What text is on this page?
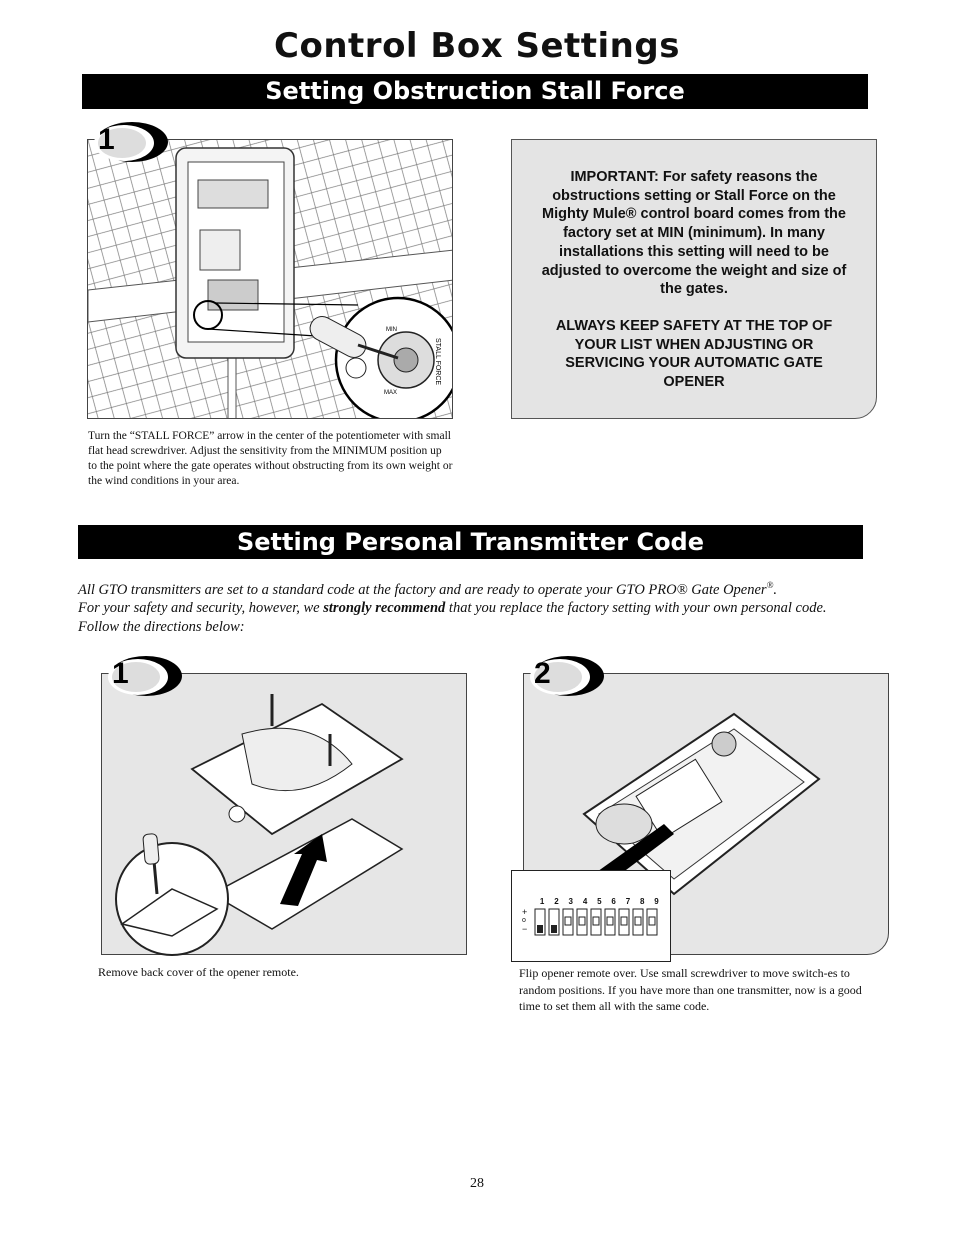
Control Box Settings
Setting Obstruction Stall Force
MIN
MAX
STALL FORCE
1
Turn the “STALL FORCE” arrow in the center of the potentiometer with small flat head screwdriver. Adjust the sensitivity from the MINIMUM position up to the point where the gate operates without obstructing from its own weight or the wind conditions in your area.

IMPORTANT: For safety reasons the obstructions setting or Stall Force on the Mighty Mule® control board comes from the factory set at MIN (minimum). In many installations this setting will need to be adjusted to overcome the weight and size of the gates.

ALWAYS KEEP SAFETY AT THE TOP OF YOUR LIST WHEN ADJUSTING OR SERVICING YOUR AUTOMATIC GATE OPENER

Setting Personal Transmitter Code
All GTO transmitters are set to a standard code at the factory and are ready to operate your GTO PRO® Gate Opener®.
For your safety and security, however, we strongly recommend that you replace the factory setting with your own personal code.
Follow the directions below:
1
Remove back cover of the opener remote.
2
1	2	3	4	5	6	7	8	9
+
o
−
Flip opener remote over. Use small screwdriver to move switch-es to random positions. If you have more than one transmitter, now is a good time to set them all with the same code.
28
